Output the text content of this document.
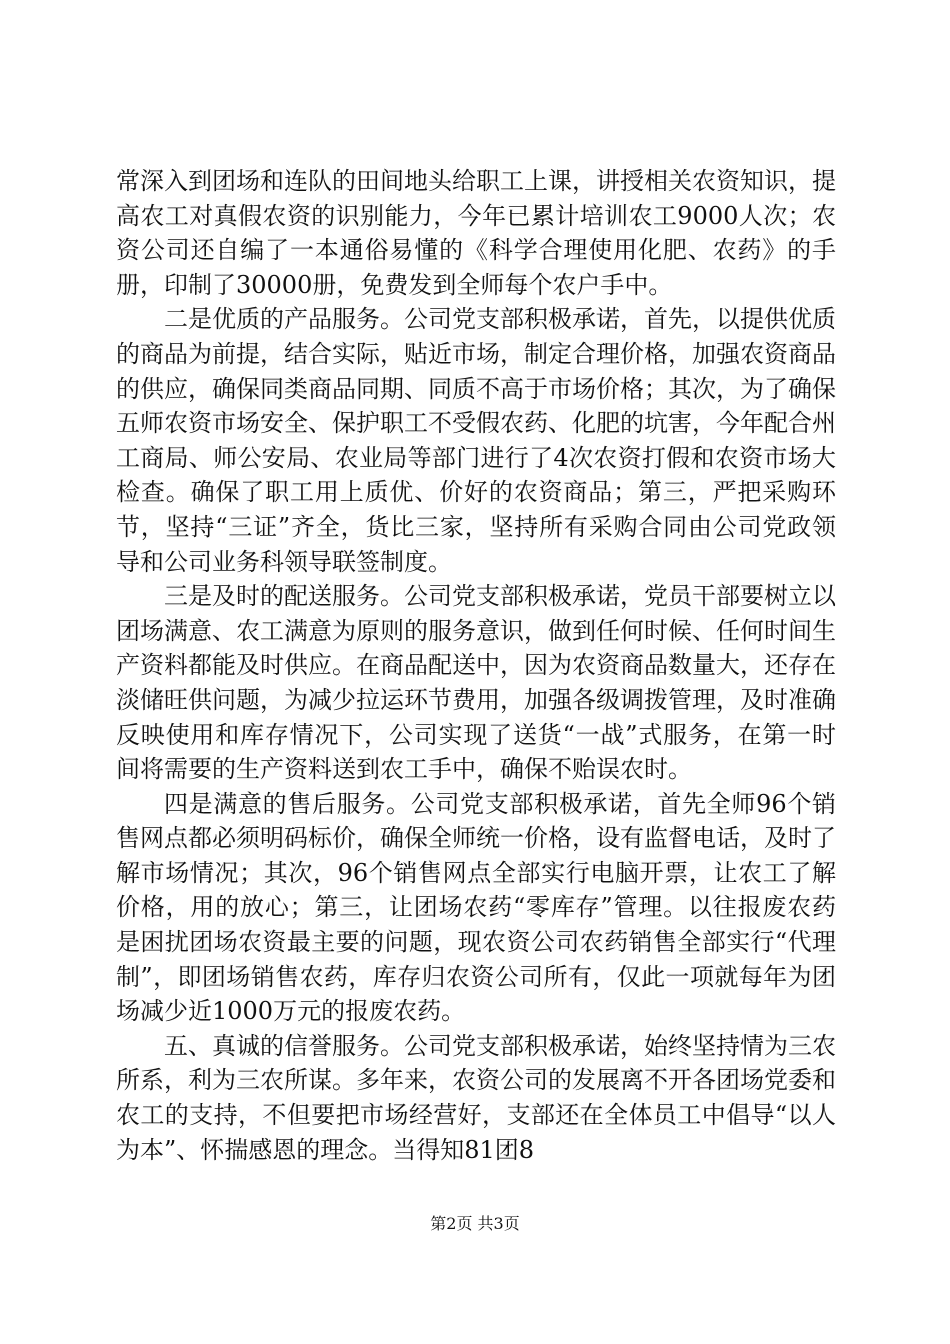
常深入到团场和连队的田间地头给职工上课，讲授相关农资知识，提高农工对真假农资的识别能力，今年已累计培训农工9000人次；农资公司还自编了一本通俗易懂的《科学合理使用化肥、农药》的手册，印制了30000册，免费发到全师每个农户手中。

二是优质的产品服务。公司党支部积极承诺，首先，以提供优质的商品为前提，结合实际，贴近市场，制定合理价格，加强农资商品的供应，确保同类商品同期、同质不高于市场价格；其次，为了确保五师农资市场安全、保护职工不受假农药、化肥的坑害，今年配合州工商局、师公安局、农业局等部门进行了4次农资打假和农资市场大检查。确保了职工用上质优、价好的农资商品；第三，严把采购环节，坚持“三证”齐全，货比三家，坚持所有采购合同由公司党政领导和公司业务科领导联签制度。

三是及时的配送服务。公司党支部积极承诺，党员干部要树立以团场满意、农工满意为原则的服务意识，做到任何时候、任何时间生产资料都能及时供应。在商品配送中，因为农资商品数量大，还存在淡储旺供问题，为减少拉运环节费用，加强各级调拨管理，及时准确反映使用和库存情况下，公司实现了送货“一战”式服务，在第一时间将需要的生产资料送到农工手中，确保不贻误农时。

四是满意的售后服务。公司党支部积极承诺，首先全师96个销售网点都必须明码标价，确保全师统一价格，设有监督电话，及时了解市场情况；其次，96个销售网点全部实行电脑开票，让农工了解价格，用的放心；第三，让团场农药“零库存”管理。以往报废农药是困扰团场农资最主要的问题，现农资公司农药销售全部实行“代理制”，即团场销售农药，库存归农资公司所有，仅此一项就每年为团场减少近1000万元的报废农药。

五、真诚的信誉服务。公司党支部积极承诺，始终坚持情为三农所系，利为三农所谋。多年来，农资公司的发展离不开各团场党委和农工的支持，不但要把市场经营好，支部还在全体员工中倡导“以人为本”、怀揣感恩的理念。当得知81团8

第2页 共3页
